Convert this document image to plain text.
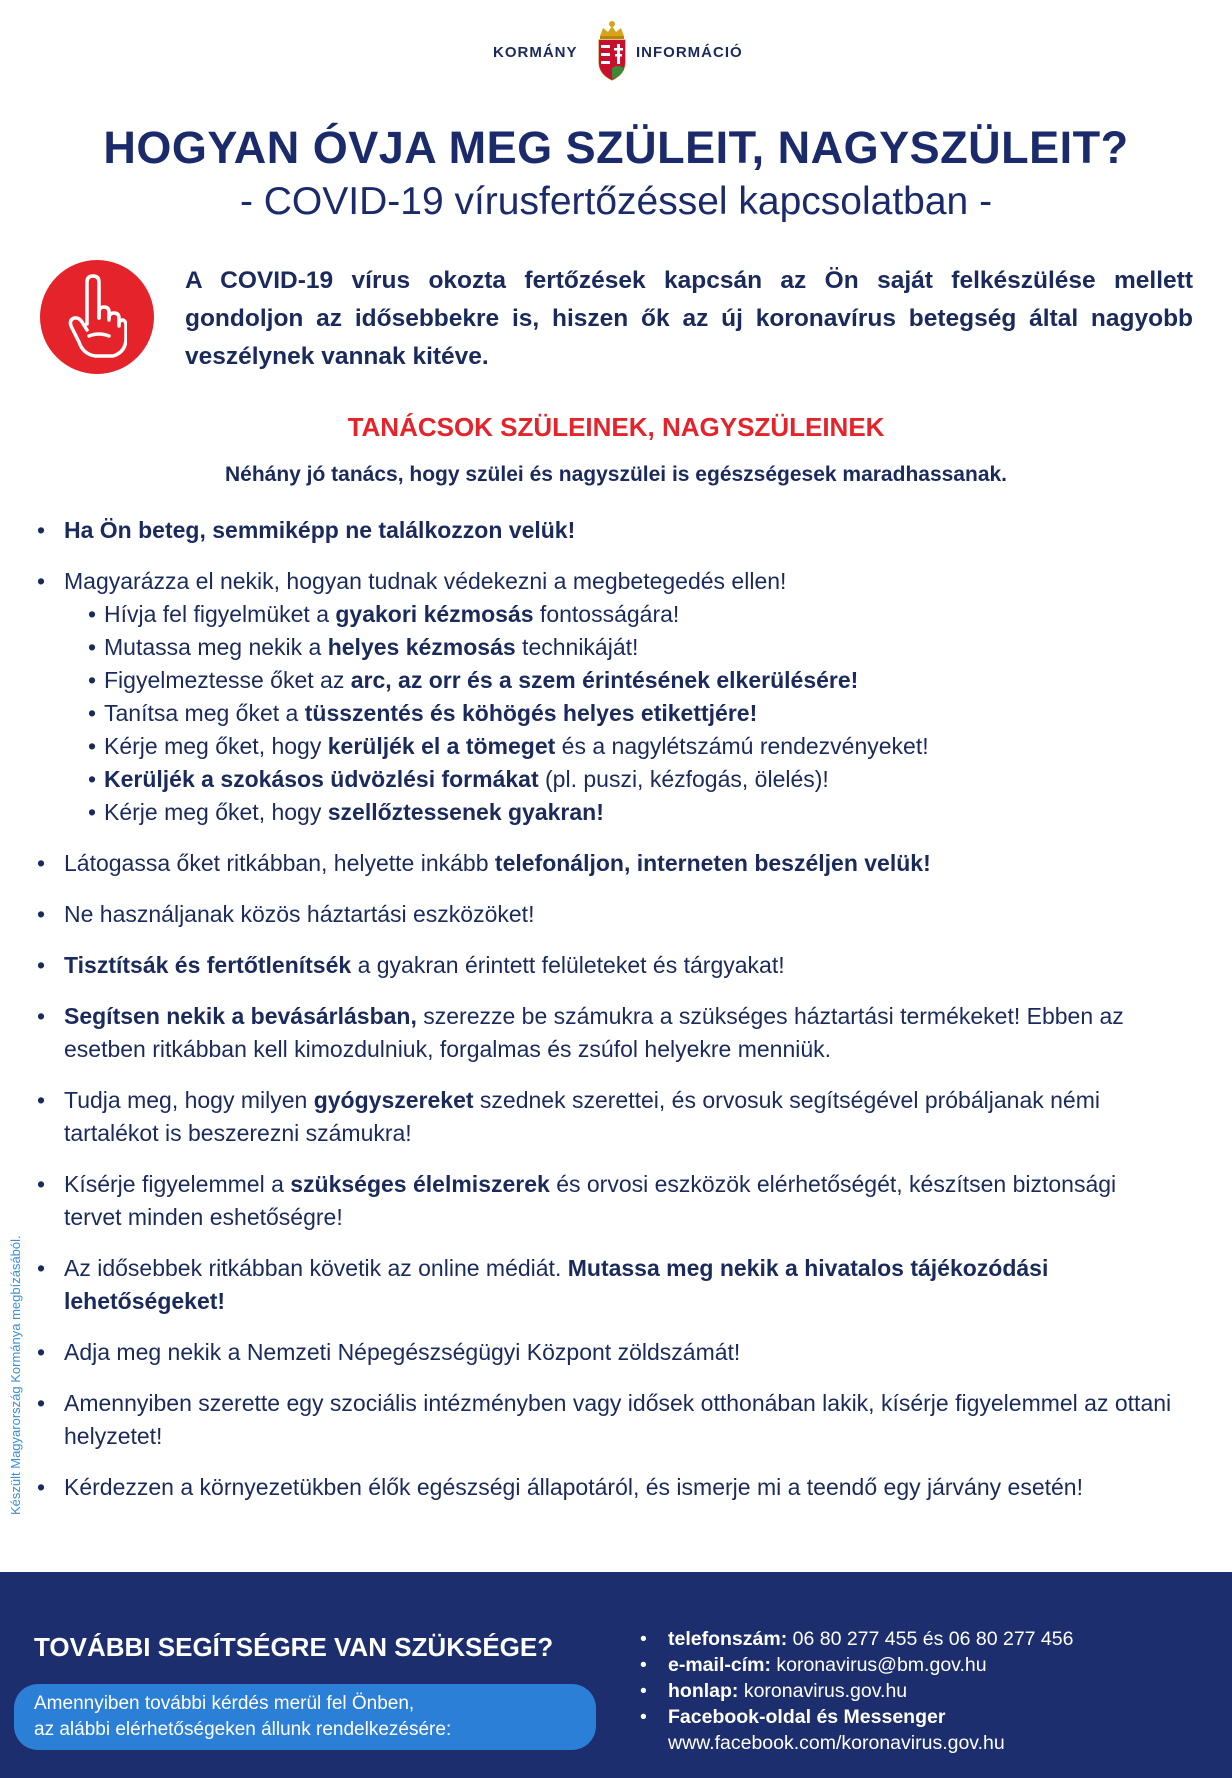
KORMÁNY	INFORMÁCIÓ
HOGYAN ÓVJA MEG SZÜLEIT, NAGYSZÜLEIT?
- COVID-19 vírusfertőzéssel kapcsolatban -

A COVID-19 vírus okozta fertőzések kapcsán az Ön saját felkészülése mellett gondoljon az idősebbekre is, hiszen ők az új koronavírus betegség által nagyobb veszélynek vannak kitéve.

TANÁCSOK SZÜLEINEK, NAGYSZÜLEINEK
Néhány jó tanács, hogy szülei és nagyszülei is egészségesek maradhassanak.
• Ha Ön beteg, semmiképp ne találkozzon velük!
• Magyarázza el nekik, hogyan tudnak védekezni a megbetegedés ellen!
• Hívja fel figyelmüket a gyakori kézmosás fontosságára!
• Mutassa meg nekik a helyes kézmosás technikáját!
• Figyelmeztesse őket az arc, az orr és a szem érintésének elkerülésére!
• Tanítsa meg őket a tüsszentés és köhögés helyes etikettjére!
• Kérje meg őket, hogy kerüljék el a tömeget és a nagylétszámú rendezvényeket!
• Kerüljék a szokásos üdvözlési formákat (pl. puszi, kézfogás, ölelés)!
• Kérje meg őket, hogy szellőztessenek gyakran!
• Látogassa őket ritkábban, helyette inkább telefonáljon, interneten beszéljen velük!
• Ne használjanak közös háztartási eszközöket!
• Tisztítsák és fertőtlenítsék a gyakran érintett felületeket és tárgyakat!
• Segítsen nekik a bevásárlásban, szerezze be számukra a szükséges háztartási termékeket! Ebben az esetben ritkábban kell kimozdulniuk, forgalmas és zsúfol helyekre menniük.
• Tudja meg, hogy milyen gyógyszereket szednek szerettei, és orvosuk segítségével próbáljanak némi tartalékot is beszerezni számukra!
• Kísérje figyelemmel a szükséges élelmiszerek és orvosi eszközök elérhetőségét, készítsen biztonsági tervet minden eshetőségre!
• Az idősebbek ritkábban követik az online médiát. Mutassa meg nekik a hivatalos tájékozódási lehetőségeket!
• Adja meg nekik a Nemzeti Népegészségügyi Központ zöldszámát!
• Amennyiben szerette egy szociális intézményben vagy idősek otthonában lakik, kísérje figyelemmel az ottani helyzetet!
• Kérdezzen a környezetükben élők egészségi állapotáról, és ismerje mi a teendő egy járvány esetén!
Készült Magyarország Kormánya megbízásából.
TOVÁBBI SEGÍTSÉGRE VAN SZÜKSÉGE?
Amennyiben további kérdés merül fel Önben,
az alábbi elérhetőségeken állunk rendelkezésére:
• telefonszám: 06 80 277 455 és 06 80 277 456
• e-mail-cím: koronavirus@bm.gov.hu
• honlap: koronavirus.gov.hu
• Facebook-oldal és Messenger
www.facebook.com/koronavirus.gov.hu
